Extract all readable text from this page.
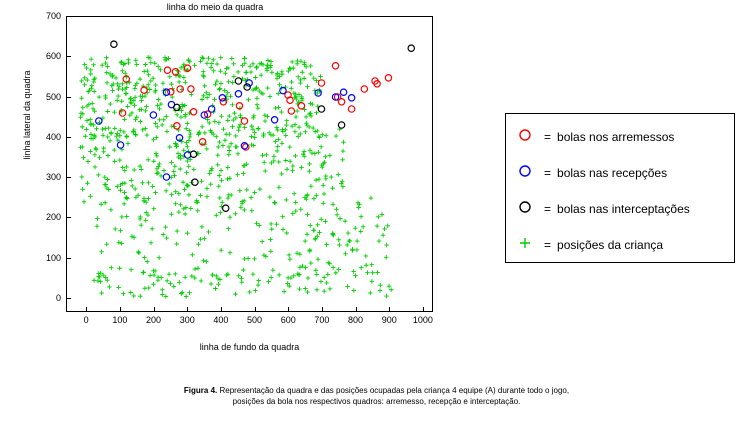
linha do meio da quadra
linha lateral da quadra
linha de fundo da quadra
0
100
200
300
400
500
600
700
0	100 200 300 400 500 600 700 800 900 1000
= bolas nos arremessos
= bolas nas recepções
= bolas nas interceptações
= posições da criança
Figura 4. Representação da quadra e das posições ocupadas pela criança 4 equipe (A) durante todo o jogo,
posições da bola nos respectivos quadros: arremesso, recepção e interceptação.
